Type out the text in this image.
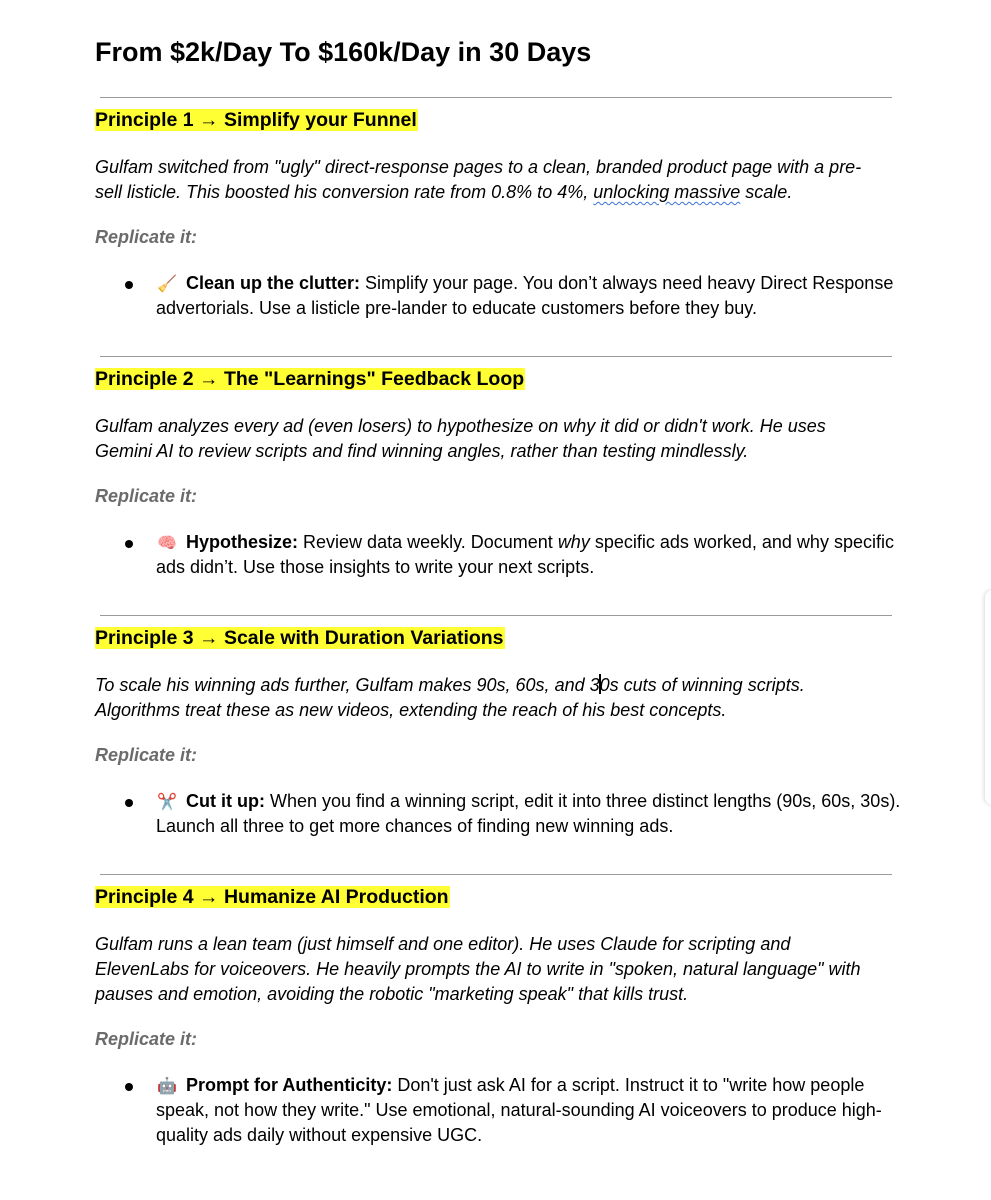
From $2k/Day To $160k/Day in 30 Days
Principle 1 → Simplify your Funnel
Gulfam switched from "ugly" direct-response pages to a clean, branded product page with a pre-sell listicle. This boosted his conversion rate from 0.8% to 4%, unlocking massive scale.
Replicate it:
🧹 Clean up the clutter: Simplify your page. You don’t always need heavy Direct Response advertorials. Use a listicle pre-lander to educate customers before they buy.
Principle 2 → The "Learnings" Feedback Loop
Gulfam analyzes every ad (even losers) to hypothesize on why it did or didn't work. He uses Gemini AI to review scripts and find winning angles, rather than testing mindlessly.
Replicate it:
🧠 Hypothesize: Review data weekly. Document why specific ads worked, and why specific ads didn’t. Use those insights to write your next scripts.
Principle 3 → Scale with Duration Variations
To scale his winning ads further, Gulfam makes 90s, 60s, and 30s cuts of winning scripts. Algorithms treat these as new videos, extending the reach of his best concepts.
Replicate it:
✂️ Cut it up: When you find a winning script, edit it into three distinct lengths (90s, 60s, 30s). Launch all three to get more chances of finding new winning ads.
Principle 4 → Humanize AI Production
Gulfam runs a lean team (just himself and one editor). He uses Claude for scripting and ElevenLabs for voiceovers. He heavily prompts the AI to write in "spoken, natural language" with pauses and emotion, avoiding the robotic "marketing speak" that kills trust.
Replicate it:
🤖 Prompt for Authenticity: Don't just ask AI for a script. Instruct it to "write how people speak, not how they write." Use emotional, natural-sounding AI voiceovers to produce high-quality ads daily without expensive UGC.
